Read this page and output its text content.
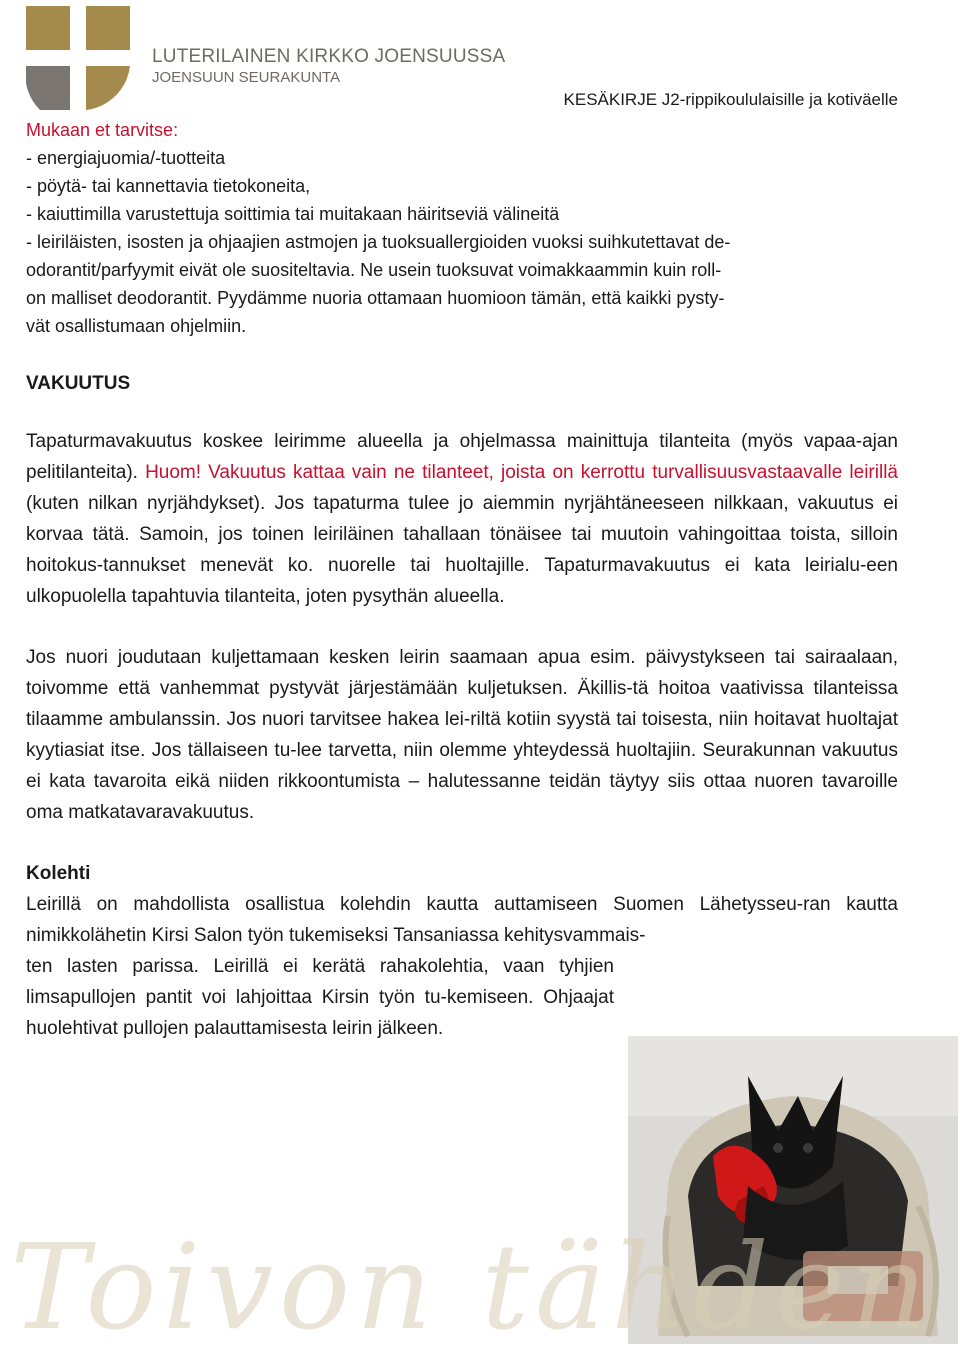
LUTERILAINEN KIRKKO JOENSUUSSA
JOENSUUN SEURAKUNTA
KESÄKIRJE J2-rippikoululaisille ja kotiväelle

Mukaan et tarvitse:

- energiajuomia/-tuotteita
- pöytä- tai kannettavia tietokoneita,
- kaiuttimilla varustettuja soittimia tai muitakaan häiritseviä välineitä
- leiriläisten, isosten ja ohjaajien astmojen ja tuoksuallergioiden vuoksi suihkutettavat de-
odorantit/parfyymit eivät ole suositeltavia. Ne usein tuoksuvat voimakkaammin kuin roll-
on malliset deodorantit. Pyydämme nuoria ottamaan huomioon tämän, että kaikki pysty-
vät osallistumaan ohjelmiin.
VAKUUTUS

Tapaturmavakuutus koskee leirimme alueella ja ohjelmassa mainittuja tilanteita (myös vapaa-ajan pelitilanteita). Huom! Vakuutus kattaa vain ne tilanteet, joista on kerrottu turvallisuusvastaavalle leirillä (kuten nilkan nyrjähdykset). Jos tapaturma tulee jo aiemmin nyrjähtäneeseen nilkkaan, vakuutus ei korvaa tätä. Samoin, jos toinen leiriläinen tahallaan tönäisee tai muutoin vahingoittaa toista, silloin hoitokus-tannukset menevät ko. nuorelle tai huoltajille. Tapaturmavakuutus ei kata leirialu-een ulkopuolella tapahtuvia tilanteita, joten pysythän alueella.

Jos nuori joudutaan kuljettamaan kesken leirin saamaan apua esim. päivystykseen tai sairaalaan, toivomme että vanhemmat pystyvät järjestämään kuljetuksen. Äkillis-tä hoitoa vaativissa tilanteissa tilaamme ambulanssin. Jos nuori tarvitsee hakea lei-riltä kotiin syystä tai toisesta, niin hoitavat huoltajat kyytiasiat itse. Jos tällaiseen tu-lee tarvetta, niin olemme yhteydessä huoltajiin. Seurakunnan vakuutus ei kata tavaroita eikä niiden rikkoontumista – halutessanne teidän täytyy siis ottaa nuoren tavaroille oma matkatavaravakuutus.

Kolehti

Leirillä on mahdollista osallistua kolehdin kautta auttamiseen Suomen Lähetysseu-ran kautta nimikkolähetin Kirsi Salon työn tukemiseksi Tansaniassa kehitysvammais-

ten lasten parissa. Leirillä ei kerätä rahakolehtia, vaan tyhjien limsapullojen pantit voi lahjoittaa Kirsin työn tu-kemiseen. Ohjaajat huolehtivat pullojen palauttamisesta leirin jälkeen.

Toivon tähden
